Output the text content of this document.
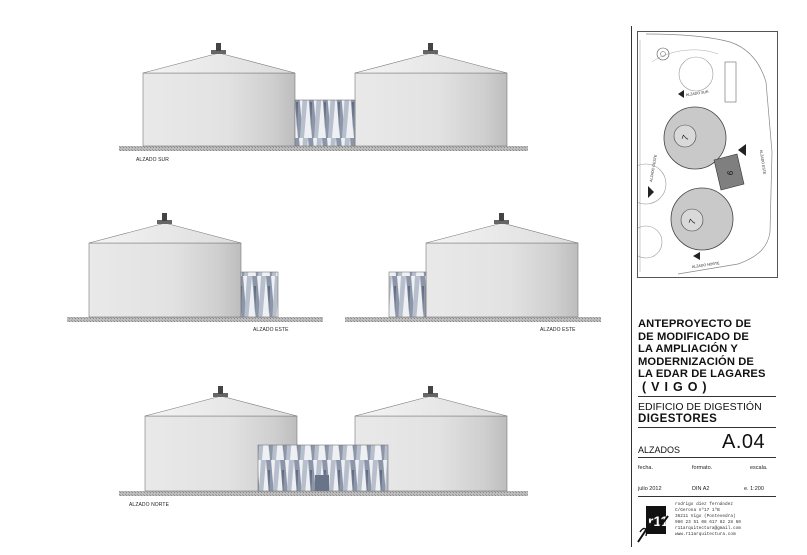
ALZADO SUR
ALZADO ESTE	ALZADO ESTE
ALZADO NORTE
7
7
6
ALZADO SUR
ALZADO ESTE
ALZADO OESTE
ALZADO NORTE
ANTEPROYECTO DE
DE MODIFICADO DE
LA AMPLIACIÓN Y
MODERNIZACIÓN DE
LA EDAR DE LAGARES
(VIGO)
EDIFICIO DE DIGESTIÓN
DIGESTORES
ALZADOS A.04
fecha.	formato.	escala.
julio 2012	DIN A2	e. 1:200
r11
rodrigo díez fernández
C/Gerona nº17 1ºB
36211 Vigo (Pontevedra)
986 23 51 08 617 82 28 60
r11arquitectura@gmail.com
www.r11arquitectura.com
